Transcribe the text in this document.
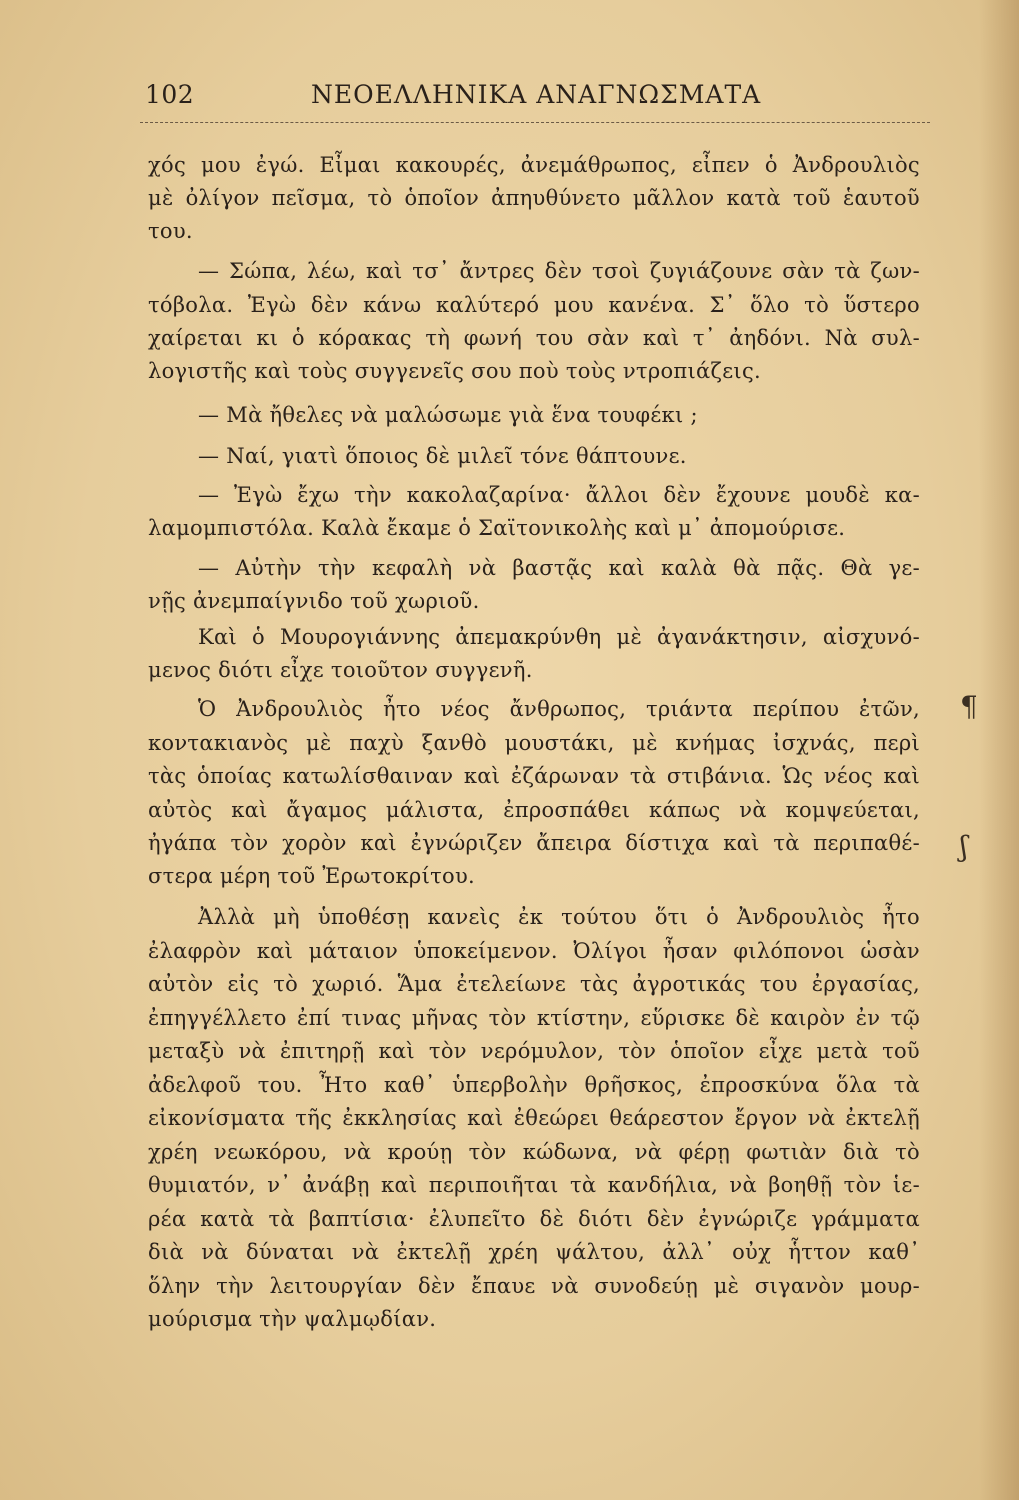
102	ΝΕΟΕΛΛΗΝΙΚΑ ΑΝΑΓΝΩΣΜΑΤΑ
χός μου ἐγώ. Εἶμαι κακουρές, ἀνεμάθρωπος, εἶπεν ὁ Ἀνδρουλιὸς
μὲ ὀλίγον πεῖσμα, τὸ ὁποῖον ἀπηυθύνετο μᾶλλον κατὰ τοῦ ἑαυτοῦ
του.
— Σώπα, λέω, καὶ τσ᾿ ἄντρες δὲν τσοὶ ζυγιάζουνε σὰν τὰ ζων-
τόβολα. Ἐγὼ δὲν κάνω καλύτερό μου κανένα. Σ᾿ ὅλο τὸ ὕστερο
χαίρεται κι ὁ κόρακας τὴ φωνή του σὰν καὶ τ᾿ ἀηδόνι. Νὰ συλ-
λογιστῆς καὶ τοὺς συγγενεῖς σου ποὺ τοὺς ντροπιάζεις.
— Μὰ ἤθελες νὰ μαλώσωμε γιὰ ἕνα τουφέκι ;
— Ναί, γιατὶ ὅποιος δὲ μιλεῖ τόνε θάπτουνε.
— Ἐγὼ ἔχω τὴν κακολαζαρίνα· ἄλλοι δὲν ἔχουνε μουδὲ κα-
λαμομπιστόλα. Καλὰ ἔκαμε ὁ Σαϊτονικολὴς καὶ μ᾿ ἀπομούρισε.
— Αὐτὴν τὴν κεφαλὴ νὰ βαστᾷς καὶ καλὰ θὰ πᾷς. Θὰ γε-
νῇς ἀνεμπαίγνιδο τοῦ χωριοῦ.
Καὶ ὁ Μουρογιάννης ἀπεμακρύνθη μὲ ἀγανάκτησιν, αἰσχυνό-
μενος διότι εἶχε τοιοῦτον συγγενῆ.
Ὁ Ἀνδρουλιὸς ἦτο νέος ἄνθρωπος, τριάντα περίπου ἐτῶν,
κοντακιανὸς μὲ παχὺ ξανθὸ μουστάκι, μὲ κνήμας ἰσχνάς, περὶ
τὰς ὁποίας κατωλίσθαιναν καὶ ἐζάρωναν τὰ στιβάνια. Ὡς νέος καὶ
αὐτὸς καὶ ἄγαμος μάλιστα, ἐπροσπάθει κάπως νὰ κομψεύεται,
ἠγάπα τὸν χορὸν καὶ ἐγνώριζεν ἄπειρα δίστιχα καὶ τὰ περιπαθέ-
στερα μέρη τοῦ Ἐρωτοκρίτου.
Ἀλλὰ μὴ ὑποθέσῃ κανεὶς ἐκ τούτου ὅτι ὁ Ἀνδρουλιὸς ἦτο
ἐλαφρὸν καὶ μάταιον ὑποκείμενον. Ὀλίγοι ἦσαν φιλόπονοι ὡσὰν
αὐτὸν εἰς τὸ χωριό. Ἅμα ἐτελείωνε τὰς ἀγροτικάς του ἐργασίας,
ἐπηγγέλλετο ἐπί τινας μῆνας τὸν κτίστην, εὕρισκε δὲ καιρὸν ἐν τῷ
μεταξὺ νὰ ἐπιτηρῇ καὶ τὸν νερόμυλον, τὸν ὁποῖον εἶχε μετὰ τοῦ
ἀδελφοῦ του. Ἦτο καθ᾿ ὑπερβολὴν θρῆσκος, ἐπροσκύνα ὅλα τὰ
εἰκονίσματα τῆς ἐκκλησίας καὶ ἐθεώρει θεάρεστον ἔργον νὰ ἐκτελῇ
χρέη νεωκόρου, νὰ κρούῃ τὸν κώδωνα, νὰ φέρῃ φωτιὰν διὰ τὸ
θυμιατόν, ν᾿ ἀνάβῃ καὶ περιποιῆται τὰ κανδήλια, νὰ βοηθῇ τὸν ἱε-
ρέα κατὰ τὰ βαπτίσια· ἐλυπεῖτο δὲ διότι δὲν ἐγνώριζε γράμματα
διὰ νὰ δύναται νὰ ἐκτελῇ χρέη ψάλτου, ἀλλ᾿ οὐχ ἧττον καθ᾿
ὅλην τὴν λειτουργίαν δὲν ἔπαυε νὰ συνοδεύῃ μὲ σιγανὸν μουρ-
μούρισμα τὴν ψαλμῳδίαν.
¶
ʃ
